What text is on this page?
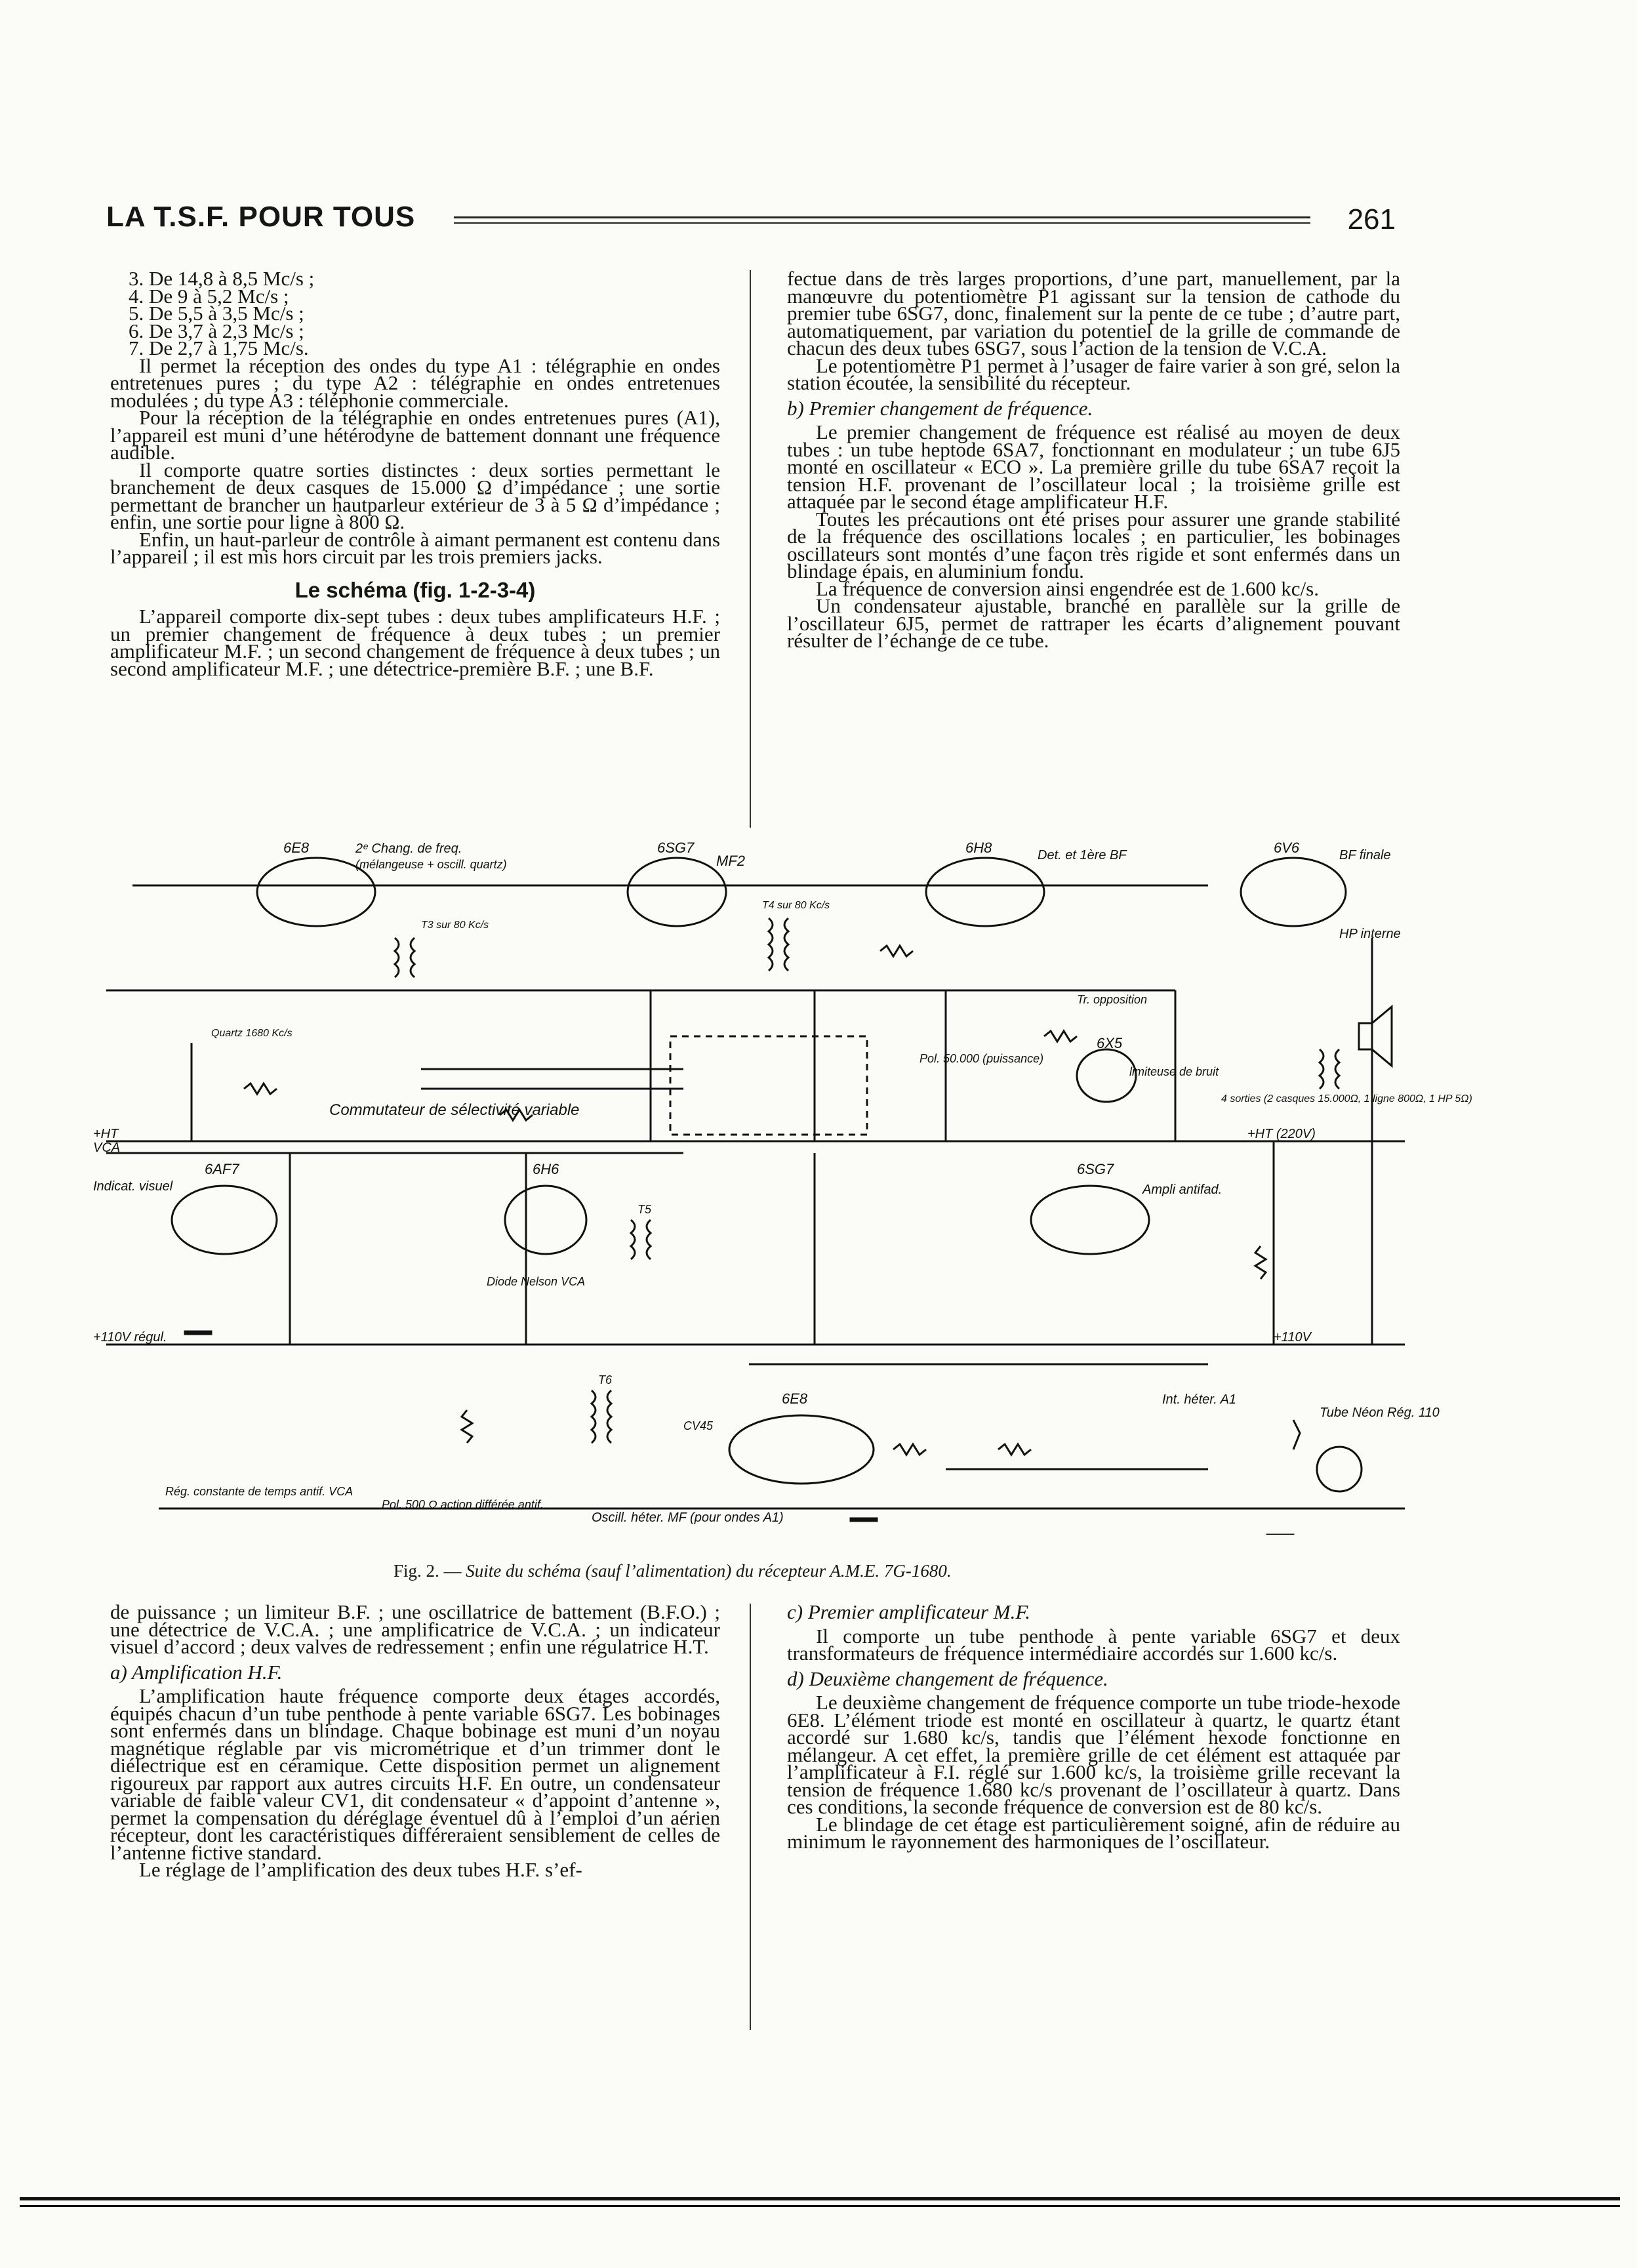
LA T.S.F. POUR TOUS	261
3. De 14,8 à 8,5 Mc/s ;
4. De 9 à 5,2 Mc/s ;
5. De 5,5 à 3,5 Mc/s ;
6. De 3,7 à 2,3 Mc/s ;
7. De 2,7 à 1,75 Mc/s.

Il permet la réception des ondes du type A1 : télégraphie en ondes entretenues pures ; du type A2 : télégraphie en ondes entretenues modulées ; du type A3 : téléphonie commerciale.

Pour la réception de la télégraphie en ondes entretenues pures (A1), l’appareil est muni d’une hétérodyne de battement donnant une fréquence audible.

Il comporte quatre sorties distinctes : deux sorties permettant le branchement de deux casques de 15.000 Ω d’impédance ; une sortie permettant de brancher un hautparleur extérieur de 3 à 5 Ω d’impédance ; enfin, une sortie pour ligne à 800 Ω.

Enfin, un haut-parleur de contrôle à aimant permanent est contenu dans l’appareil ; il est mis hors circuit par les trois premiers jacks.

Le schéma (fig. 1-2-3-4)

L’appareil comporte dix-sept tubes : deux tubes amplificateurs H.F. ; un premier changement de fréquence à deux tubes ; un premier amplificateur M.F. ; un second changement de fréquence à deux tubes ; un second amplificateur M.F. ; une détectrice-première B.F. ; une B.F.

fectue dans de très larges proportions, d’une part, manuellement, par la manœuvre du potentiomètre P1 agissant sur la tension de cathode du premier tube 6SG7, donc, finalement sur la pente de ce tube ; d’autre part, automatiquement, par variation du potentiel de la grille de commande de chacun des deux tubes 6SG7, sous l’action de la tension de V.C.A.

Le potentiomètre P1 permet à l’usager de faire varier à son gré, selon la station écoutée, la sensibilité du récepteur.

b) Premier changement de fréquence.

Le premier changement de fréquence est réalisé au moyen de deux tubes : un tube heptode 6SA7, fonctionnant en modulateur ; un tube 6J5 monté en oscillateur « ECO ». La première grille du tube 6SA7 reçoit la tension H.F. provenant de l’oscillateur local ; la troisième grille est attaquée par le second étage amplificateur H.F.

Toutes les précautions ont été prises pour assurer une grande stabilité de la fréquence des oscillations locales ; en particulier, les bobinages oscillateurs sont montés d’une façon très rigide et sont enfermés dans un blindage épais, en aluminium fondu.

La fréquence de conversion ainsi engendrée est de 1.600 kc/s.

Un condensateur ajustable, branché en parallèle sur la grille de l’oscillateur 6J5, permet de rattraper les écarts d’alignement pouvant résulter de l’échange de ce tube.

6E8	2ᵉ Chang. de freq.
(mélangeuse + oscill. quartz)
6SG7
MF2
6H8	Det. et 1ère BF	6V6	BF finale
HP interne
Commutateur de sélectivité variable
+HT
VCA
6AF7
Indicat. visuel
6H6
Diode Nelson VCA
6SG7
Ampli antifad.
6X5
limiteuse de bruit
Tr. opposition
Pol. 50.000 (puissance)
4 sorties (2 casques 15.000Ω, 1 ligne 800Ω, 1 HP 5Ω)
+HT (220V)
+110V régul.	+110V
6E8	Int. héter. A1
Tube Néon Rég. 110
Oscill. héter. MF (pour ondes A1)
Rég. constante de temps antif. VCA
Pol. 500 Ω action différée antif.
Quartz 1680 Kc/s
T3 sur 80 Kc/s
T4 sur 80 Kc/s
T5
T6
CV45
Fig. 2. — Suite du schéma (sauf l’alimentation) du récepteur A.M.E. 7G-1680.

de puissance ; un limiteur B.F. ; une oscillatrice de battement (B.F.O.) ; une détectrice de V.C.A. ; une amplificatrice de V.C.A. ; un indicateur visuel d’accord ; deux valves de redressement ; enfin une régulatrice H.T.

a) Amplification H.F.

L’amplification haute fréquence comporte deux étages accordés, équipés chacun d’un tube penthode à pente variable 6SG7. Les bobinages sont enfermés dans un blindage. Chaque bobinage est muni d’un noyau magnétique réglable par vis micrométrique et d’un trimmer dont le diélectrique est en céramique. Cette disposition permet un alignement rigoureux par rapport aux autres circuits H.F. En outre, un condensateur variable de faible valeur CV1, dit condensateur « d’appoint d’antenne », permet la compensation du déréglage éventuel dû à l’emploi d’un aérien récepteur, dont les caractéristiques différeraient sensiblement de celles de l’antenne fictive standard.

Le réglage de l’amplification des deux tubes H.F. s’ef-

c) Premier amplificateur M.F.

Il comporte un tube penthode à pente variable 6SG7 et deux transformateurs de fréquence intermédiaire accordés sur 1.600 kc/s.

d) Deuxième changement de fréquence.

Le deuxième changement de fréquence comporte un tube triode-hexode 6E8. L’élément triode est monté en oscillateur à quartz, le quartz étant accordé sur 1.680 kc/s, tandis que l’élément hexode fonctionne en mélangeur. A cet effet, la première grille de cet élément est attaquée par l’amplificateur à F.I. réglé sur 1.600 kc/s, la troisième grille recevant la tension de fréquence 1.680 kc/s provenant de l’oscillateur à quartz. Dans ces conditions, la seconde fréquence de conversion est de 80 kc/s.

Le blindage de cet étage est particulièrement soigné, afin de réduire au minimum le rayonnement des harmoniques de l’oscillateur.
